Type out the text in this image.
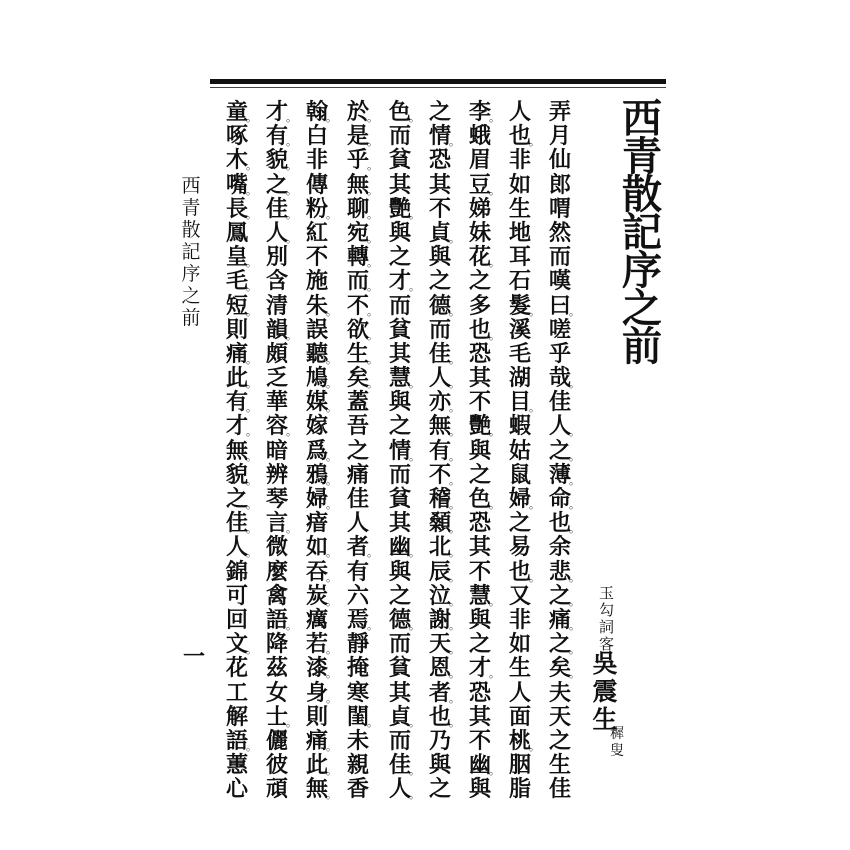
西
青
散
記
序
之
前
玉勾詞客
吳震生
穉
叟
弄
月
仙
郎
喟
然
而
嘆
曰
。
嗟
乎
哉
。
佳
人
。
之
。
薄
。
命
。
也
。
余
悲
。
之
。
痛
。
之
。
矣
。
夫
天
之
生
佳
人
也
。
非
如
生
地
耳
石
髮
。
溪
毛
湖
目
。
蝦
姑
鼠
婦
。
之
易
也
。
又
非
如
生
人
面
桃
。
胭
脂
李
。
蛾
眉
豆
。
娣
妹
花
。
之
多
也
。
恐
其
不
艷
。
與
之
色
。
恐
其
不
慧
。
與
之
才
。
恐
其
不
幽
。
與
之
情
。
恐
其
不
貞
。
與
之
德
。
而
佳
。
人
。
亦
。
無
。
有
。
不
。
稽
。
顙
。
北
。
辰
。
泣
。
謝
。
天
。
恩
。
者
。
也
。
乃
與
之
色
。
而
貧
其
艷
。
與
之
才
。
而
貧
其
慧
。
與
之
情
。
而
貧
其
幽
。
與
之
德
。
而
貧
其
貞
。
而
佳
。
人
。
於
。
是
。
乎
。
無
。
聊
。
宛
。
轉
。
而
。
不
。
欲
。
生
。
矣
。
蓋
吾
之
痛
佳
人
者
。
有
六
焉
。
靜
掩
寒
閨
。
未
親
香
翰
。
白
非
傳
粉
。
紅
不
施
朱
。
誤
聽
。
鳩
。
媒
。
嫁
爲
。
鴉
。
婦
。
瘖
如
。
吞
。
炭
。
癘
若
。
漆
。
身
。
則
痛
。
此
。
無
。
才
。
有
。
貌
。
之
。
佳
。
人
。
別
含
清
韻
。
頗
乏
華
容
。
暗
辨
琴
言
。
微
麼
禽
語
。
降
茲
女
士
。
儷
彼
頑
童
。
啄
木
。
嘴
。
長
。
鳳
皇
。
毛
。
短
。
則
痛
。
此
。
有
。
才
。
無
。
貌
。
之
。
佳
。
人
。
錦
可
回
文
。
花
工
解
語
。
蕙
心
西
青
散
記
序
之
前
一
